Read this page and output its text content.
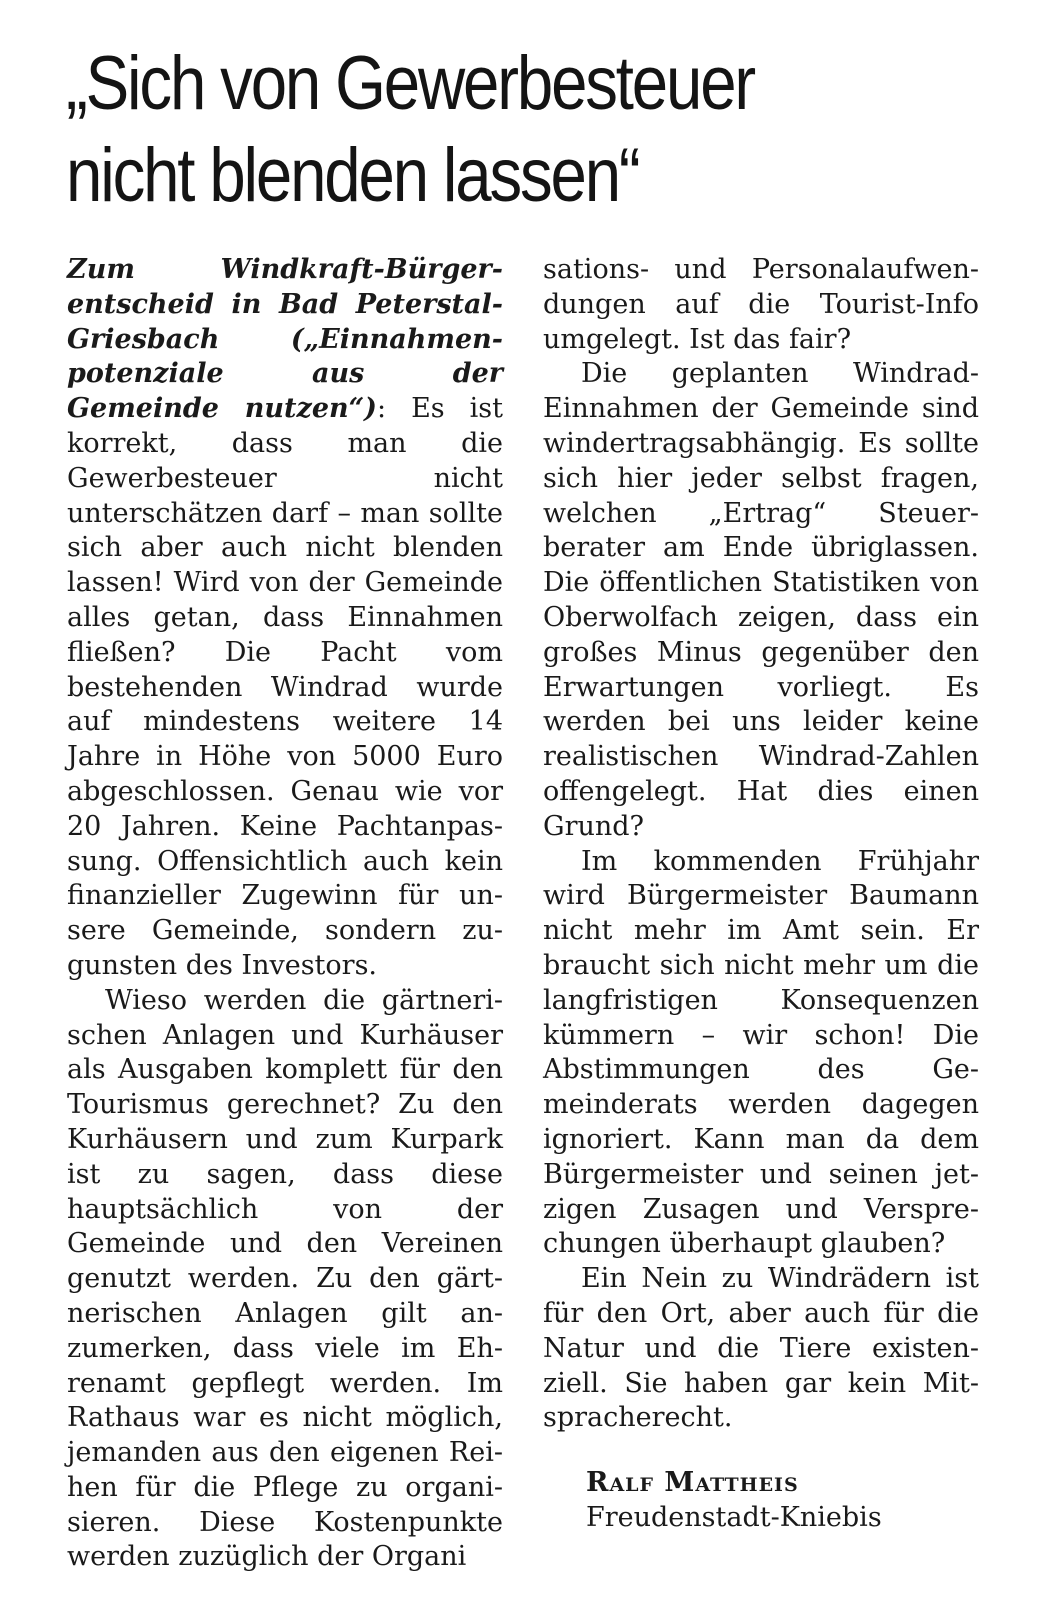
„Sich von Gewerbesteuer
nicht blenden lassen“

Zum Windkraft-Bürgerentscheid in Bad Peterstal-Griesbach („Einnahmenpotenziale aus der Gemeinde nutzen“): Es ist korrekt, dass man die Gewerbesteuer nicht unterschätzen darf – man sollte sich aber auch nicht blenden lassen! Wird von der Gemeinde alles getan, dass Einnahmen fließen? Die Pacht vom bestehenden Windrad wurde auf mindestens weitere 14 Jahre in Höhe von 5000 Euro abgeschlossen. Genau wie vor 20 Jahren. Keine Pachtanpassung. Offensichtlich auch kein finanzieller Zugewinn für unsere Gemeinde, sondern zugunsten des Investors.

Wieso werden die gärtnerischen Anlagen und Kurhäuser als Ausgaben komplett für den Tourismus gerechnet? Zu den Kurhäusern und zum Kurpark ist zu sagen, dass diese hauptsächlich von der Gemeinde und den Vereinen genutzt werden. Zu den gärtnerischen Anlagen gilt anzumerken, dass viele im Ehrenamt gepflegt werden. Im Rathaus war es nicht möglich, jemanden aus den eigenen Reihen für die Pflege zu organisieren. Diese Kostenpunkte werden zuzüglich der Organi

sations- und Personalaufwendungen auf die Tourist-Info umgelegt. Ist das fair?

Die geplanten Windrad-Einnahmen der Gemeinde sind windertragsabhängig. Es sollte sich hier jeder selbst fragen, welchen „Ertrag“ Steuerberater am Ende übriglassen. Die öffentlichen Statistiken von Oberwolfach zeigen, dass ein großes Minus gegenüber den Erwartungen vorliegt. Es werden bei uns leider keine realistischen Windrad-Zahlen offengelegt. Hat dies einen Grund?

Im kommenden Frühjahr wird Bürgermeister Baumann nicht mehr im Amt sein. Er braucht sich nicht mehr um die langfristigen Konsequenzen kümmern – wir schon! Die Abstimmungen des Gemeinderats werden dagegen ignoriert. Kann man da dem Bürgermeister und seinen jetzigen Zusagen und Versprechungen überhaupt glauben?

Ein Nein zu Windrädern ist für den Ort, aber auch für die Natur und die Tiere existenziell. Sie haben gar kein Mitspracherecht.

Ralf Mattheis
Freudenstadt-Kniebis
